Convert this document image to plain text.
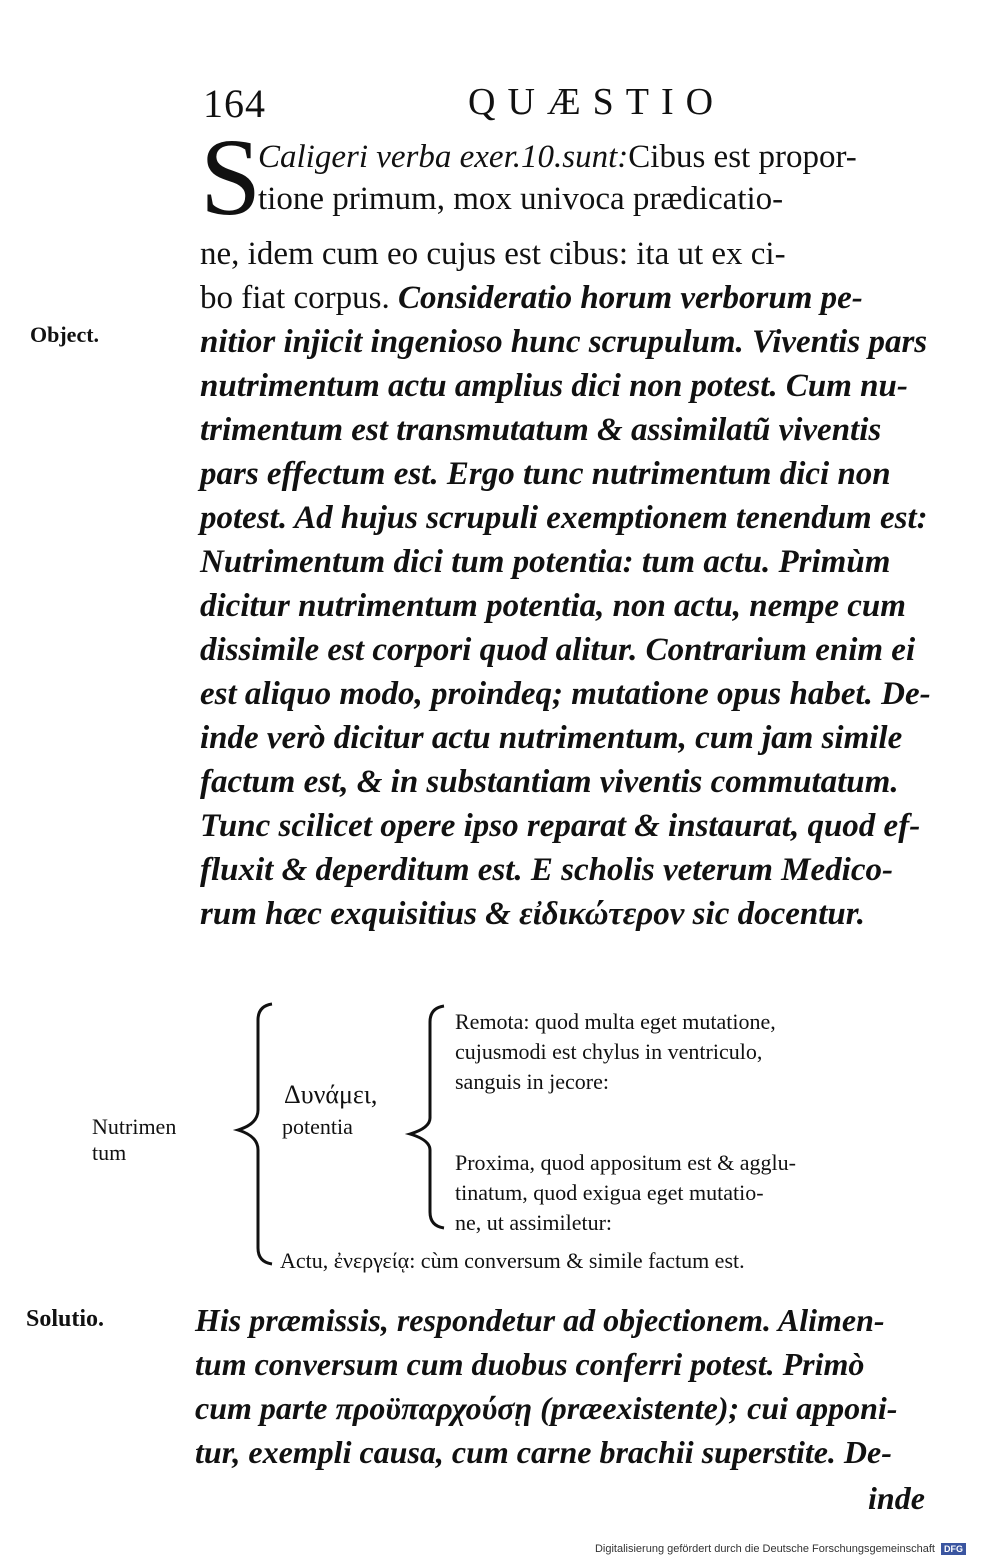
164	QUÆSTIO
S
Caligeri verba exer.10.sunt:Cibus est propor-
tione primum, mox univoca prædicatio-
ne, idem cum eo cujus est cibus: ita ut ex ci-
bo fiat corpus. Consideratio horum verborum pe-
Object.	nitior injicit ingenioso hunc scrupulum. Viventis pars
nutrimentum actu amplius dici non potest. Cum nu-
trimentum est transmutatum & assimilatũ viventis
pars effectum est. Ergo tunc nutrimentum dici non
potest. Ad hujus scrupuli exemptionem tenendum est:
Nutrimentum dici tum potentia: tum actu. Primùm
dicitur nutrimentum potentia, non actu, nempe cum
dissimile est corpori quod alitur. Contrarium enim ei
est aliquo modo, proindeq; mutatione opus habet. De-
inde verò dicitur actu nutrimentum, cum jam simile
factum est, & in substantiam viventis commutatum.
Tunc scilicet opere ipso reparat & instaurat, quod ef-
fluxit & deperditum est. E scholis veterum Medico-
rum hæc exquisitius & εἰδικώτερον sic docentur.
Nutrimen
tum
Δυνάμει,
potentia
Remota: quod multa eget mutatione,
cujusmodi est chylus in ventriculo,
sanguis in jecore:
Proxima, quod appositum est & agglu-
tinatum, quod exigua eget mutatio-
ne, ut assimiletur:
Actu, ἐνεργείᾳ: cùm conversum & simile factum est.
Solutio.	His præmissis, respondetur ad objectionem. Alimen-
tum conversum cum duobus conferri potest. Primò
cum parte προϋπαρχούσῃ (præexistente); cui apponi-
tur, exempli causa, cum carne brachii superstite. De-
inde
Digitalisierung gefördert durch die Deutsche Forschungsgemeinschaft DFG
